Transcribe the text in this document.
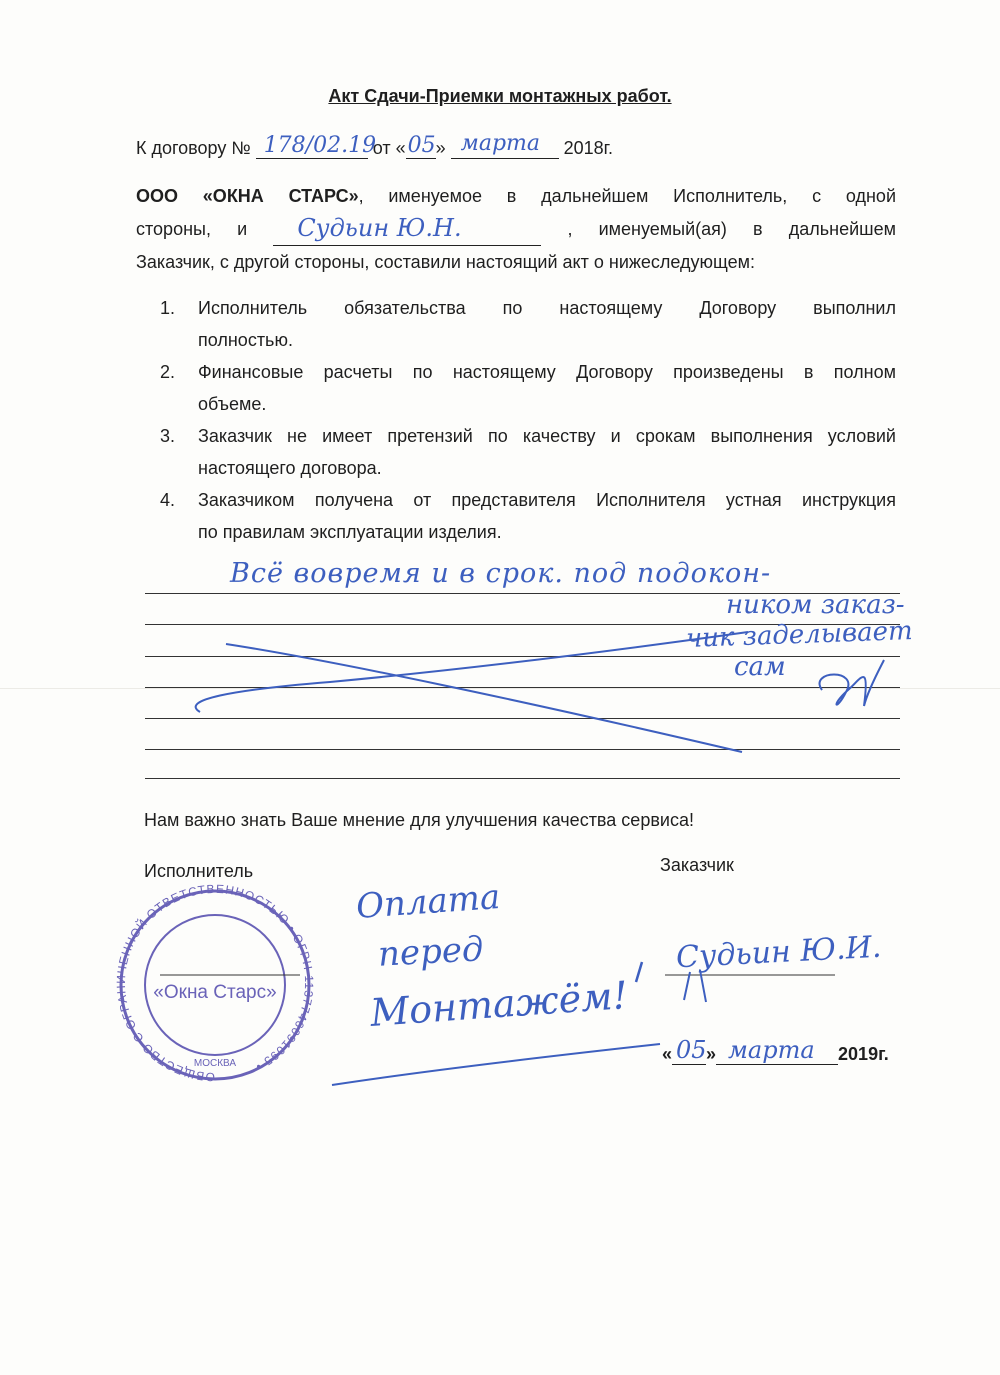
Акт Сдачи-Приемки монтажных работ.
К договору № 178/02.19
от « 05 » марта 2018г.

ООО «ОКНА СТАРС», именуемое в дальнейшем Исполнитель, с одной

стороны, и Судьин Ю.Н.	, именуемый(ая) в дальнейшем

Заказчик, с другой стороны, составили настоящий акт о нижеследующем:

1.	Исполнитель обязательства по настоящему Договору выполнил
полностью.
2.	Финансовые расчеты по настоящему Договору произведены в полном
объеме.
3.	Заказчик не имеет претензий по качеству и срокам выполнения условий
настоящего договора.
4.	Заказчиком получена от представителя Исполнителя устная инструкция
по правилам эксплуатации изделия.
Всё вовремя и в срок. под подокон-
ником заказ-
чик заделывает
сам
Нам важно знать Ваше мнение для улучшения качества сервиса!
Исполнитель	Заказчик
Оплата
перед
Монтажём!
Судьин Ю.И.
« 05 » марта 2019г.
ОБЩЕСТВО С ОГРАНИЧЕННОЙ ОТВЕТСТВЕННОСТЬЮ • ОГРН 1137746091095 •
«Окна Старс»
МОСКВА
